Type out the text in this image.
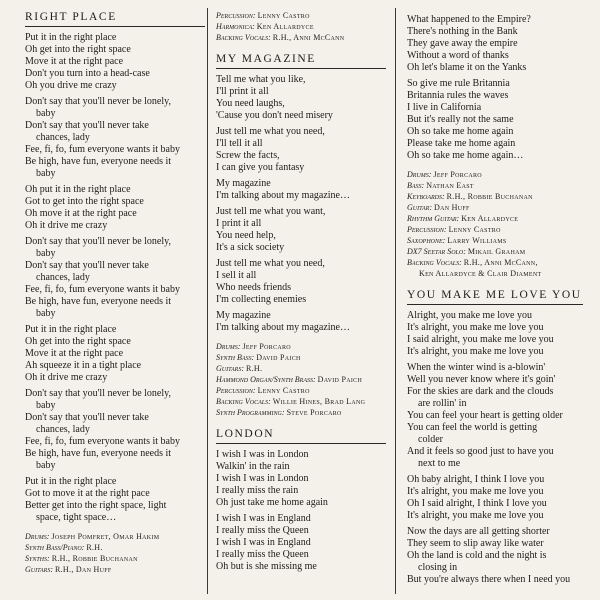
RIGHT PLACE
Put it in the right place
Oh get into the right space
Move it at the right pace
Don't you turn into a head-case
Oh you drive me crazy
Don't say that you'll never be lonely,
baby
Don't say that you'll never take
chances, lady
Fee, fi, fo, fum everyone wants it baby
Be high, have fun, everyone needs it
baby
Oh put it in the right place
Got to get into the right space
Oh move it at the right pace
Oh it drive me crazy
Don't say that you'll never be lonely,
baby
Don't say that you'll never take
chances, lady
Fee, fi, fo, fum everyone wants it baby
Be high, have fun, everyone needs it
baby
Put it in the right place
Oh get into the right space
Move it at the right pace
Ah squeeze it in a tight place
Oh it drive me crazy
Don't say that you'll never be lonely,
baby
Don't say that you'll never take
chances, lady
Fee, fi, fo, fum everyone wants it baby
Be high, have fun, everyone needs it
baby
Put it in the right place
Got to move it at the right pace
Better get into the right space, light
space, tight space…
Drums: Joseph Pomfret, Omar Hakim
Synth Bass/Piano: R.H.
Synths: R.H., Robbie Buchanan
Guitars: R.H., Dan Huff
Percussion: Lenny Castro
Harmonica: Ken Allardyce
Backing Vocals: R.H., Anni McCann
MY MAGAZINE
Tell me what you like,
I'll print it all
You need laughs,
'Cause you don't need misery
Just tell me what you need,
I'll tell it all
Screw the facts,
I can give you fantasy
My magazine
I'm talking about my magazine…
Just tell me what you want,
I print it all
You need help,
It's a sick society
Just tell me what you need,
I sell it all
Who needs friends
I'm collecting enemies
My magazine
I'm talking about my magazine…
Drums: Jeff Porcaro
Synth Bass: David Paich
Guitars: R.H.
Hammond Organ/Synth Brass: David Paich
Percussion: Lenny Castro
Backing Vocals: Willie Hines, Brad Lang
Synth Programming: Steve Porcaro
LONDON
I wish I was in London
Walkin' in the rain
I wish I was in London
I really miss the rain
Oh just take me home again
I wish I was in England
I really miss the Queen
I wish I was in England
I really miss the Queen
Oh but is she missing me
What happened to the Empire?
There's nothing in the Bank
They gave away the empire
Without a word of thanks
Oh let's blame it on the Yanks
So give me rule Britannia
Britannia rules the waves
I live in California
But it's really not the same
Oh so take me home again
Please take me home again
Oh so take me home again…
Drums: Jeff Porcaro
Bass: Nathan East
Keyboards: R.H., Robbie Buchanan
Guitar: Dan Huff
Rhythm Guitar: Ken Allardyce
Percussion: Lenny Castro
Saxophone: Larry Williams
DX7 Seetar Solo: Mikail Graham
Backing Vocals: R.H., Anni McCann,
Ken Allardyce & Clair Diament
YOU MAKE ME LOVE YOU
Alright, you make me love you
It's alright, you make me love you
I said alright, you make me love you
It's alright, you make me love you
When the winter wind is a-blowin'
Well you never know where it's goin'
For the skies are dark and the clouds
are rollin' in
You can feel your heart is getting older
You can feel the world is getting
colder
And it feels so good just to have you
next to me
Oh baby alright, I think I love you
It's alright, you make me love you
Oh I said alright, I think I love you
It's alright, you make me love you
Now the days are all getting shorter
They seem to slip away like water
Oh the land is cold and the night is
closing in
But you're always there when I need you
